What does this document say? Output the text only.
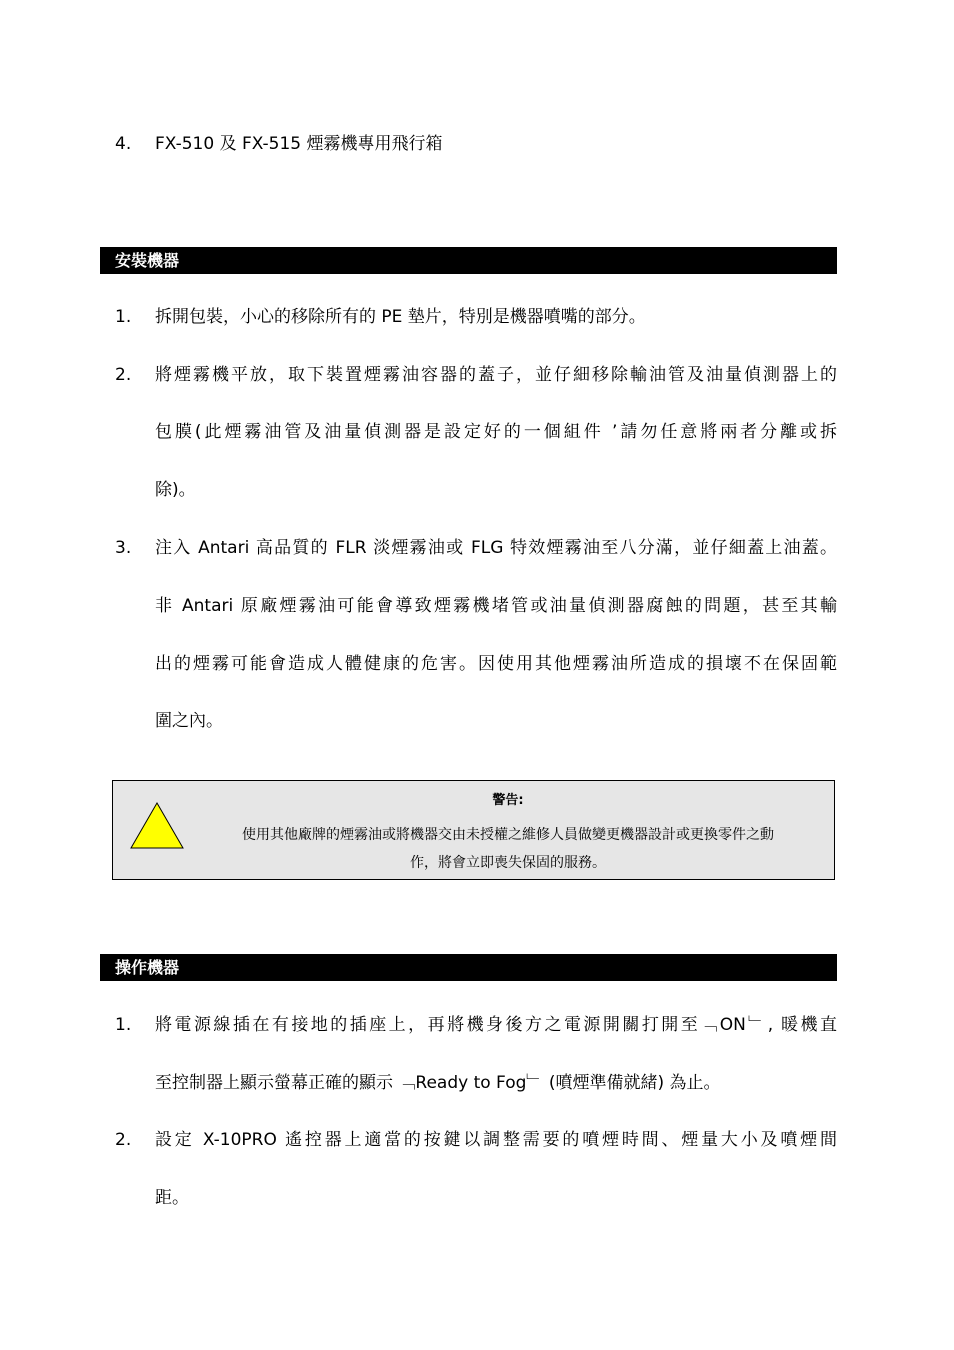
4.	FX-510 及 FX-515 煙霧機專用飛行箱
安裝機器
1.	拆開包裝，小心的移除所有的 PE 墊片，特別是機器噴嘴的部分。
2.	將煙霧機平放，取下裝置煙霧油容器的蓋子，並仔細移除輸油管及油量偵測器上的
包膜(此煙霧油管及油量偵測器是設定好的一個組件 ’請勿任意將兩者分離或拆
除)。
3.	注入 Antari 高品質的 FLR 淡煙霧油或 FLG 特效煙霧油至八分滿，並仔細蓋上油蓋。
非 Antari 原廠煙霧油可能會導致煙霧機堵管或油量偵測器腐蝕的問題，甚至其輸
出的煙霧可能會造成人體健康的危害。因使用其他煙霧油所造成的損壞不在保固範
圍之內。
警告:
使用其他廠牌的煙霧油或將機器交由未授權之維修人員做變更機器設計或更換零件之動
作，將會立即喪失保固的服務。
操作機器
1.	將電源線插在有接地的插座上，再將機身後方之電源開關打開至﹁ON﹂, 暖機直
至控制器上顯示螢幕正確的顯示 ﹁Ready to Fog﹂ (噴煙準備就緒) 為止。
2.	設定 X-10PRO 遙控器上適當的按鍵以調整需要的噴煙時間、煙量大小及噴煙間
距。
